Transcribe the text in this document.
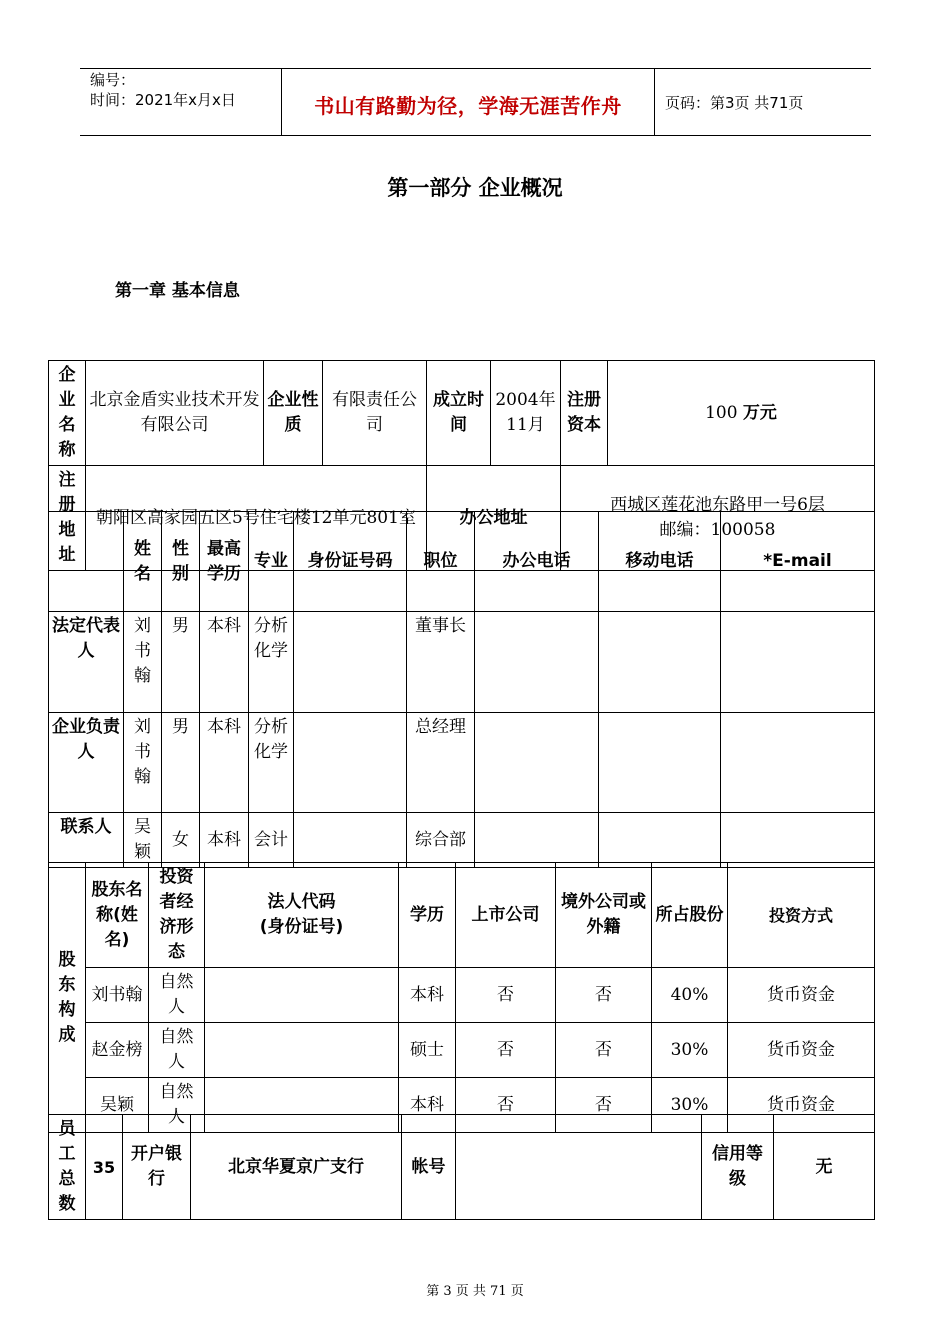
编号：
时间：2021年x月x日	书山有路勤为径，学海无涯苦作舟	页码：第3页 共71页
第一部分 企业概况
第一章 基本信息
企业名称	北京金盾实业技术开发有限公司	企业性质	有限责任公司	成立时间	2004年11月	注册资本	100 万元
注册地址	朝阳区高家园五区5号住宅楼12单元801室			办公地址		西城区莲花池东路甲一号6层
邮编：100058	
	姓名	性别	最高学历	专业	身份证号码	职位	办公电话	移动电话	*E-mail
法定代表人	刘书翰	男	本科	分析化学		董事长			
企业负责人	刘书翰	男	本科	分析化学		总经理			
联系人	吴颖	女	本科	会计		综合部			
股东构成	股东名称(姓名)	投资者经济形态	法人代码
(身份证号)	学历	上市公司	境外公司或外籍	所占股份	投资方式
	刘书翰	自然人		本科	否	否	40%	货币资金
	赵金榜	自然人		硕士	否	否	30%	货币资金
	吴颖	自然人		本科	否	否	30%	货币资金
员工总数	35	开户银行	北京华夏京广支行	帐号		信用等级	无
第 3 页 共 71 页
